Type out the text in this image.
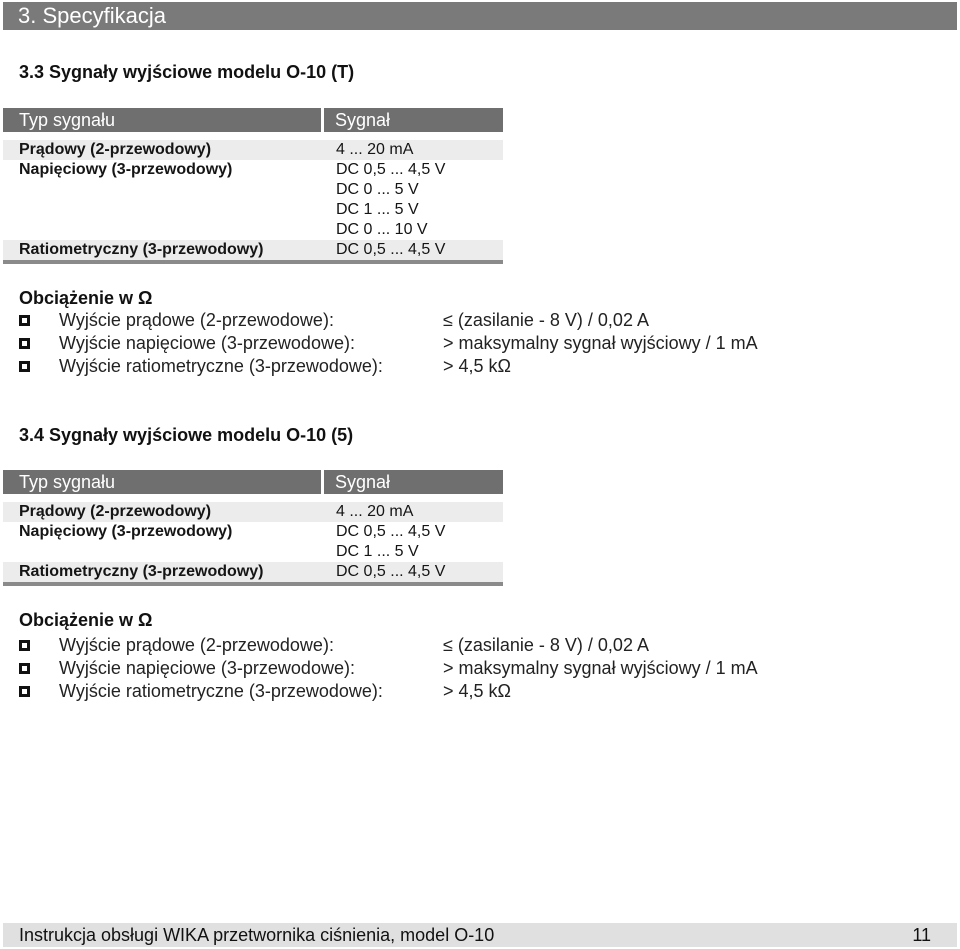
3. Specyfikacja
3.3 Sygnały wyjściowe modelu O-10 (T)
Typ sygnału	Sygnał
Prądowy (2-przewodowy)	4 ... 20 mA
Napięciowy (3-przewodowy)	DC 0,5 ... 4,5 V
DC 0 ... 5 V
DC 1 ... 5 V
DC 0 ... 10 V
Ratiometryczny (3-przewodowy)	DC 0,5 ... 4,5 V
Obciążenie w Ω
Wyjście prądowe (2-przewodowe):	≤ (zasilanie - 8 V) / 0,02 A
Wyjście napięciowe (3-przewodowe):	> maksymalny sygnał wyjściowy / 1 mA
Wyjście ratiometryczne (3-przewodowe):	> 4,5 kΩ
3.4 Sygnały wyjściowe modelu O-10 (5)
Typ sygnału	Sygnał
Prądowy (2-przewodowy)	4 ... 20 mA
Napięciowy (3-przewodowy)	DC 0,5 ... 4,5 V
DC 1 ... 5 V
Ratiometryczny (3-przewodowy)	DC 0,5 ... 4,5 V
Obciążenie w Ω
Wyjście prądowe (2-przewodowe):	≤ (zasilanie - 8 V) / 0,02 A
Wyjście napięciowe (3-przewodowe):	> maksymalny sygnał wyjściowy / 1 mA
Wyjście ratiometryczne (3-przewodowe):	> 4,5 kΩ
Instrukcja obsługi WIKA przetwornika ciśnienia, model O-10	11
